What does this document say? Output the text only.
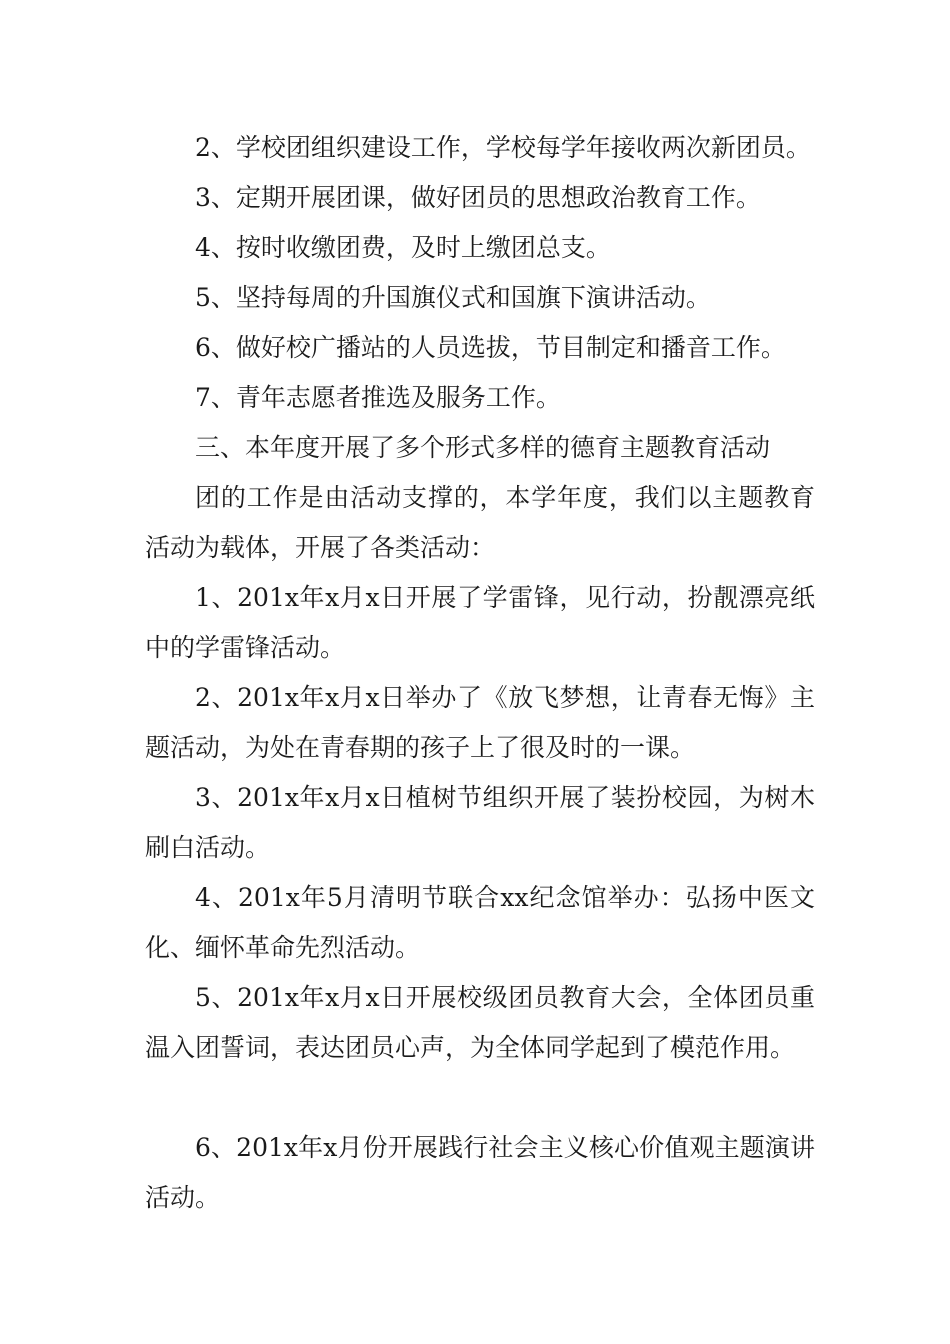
2、学校团组织建设工作，学校每学年接收两次新团员。

3、定期开展团课，做好团员的思想政治教育工作。

4、按时收缴团费，及时上缴团总支。

5、坚持每周的升国旗仪式和国旗下演讲活动。

6、做好校广播站的人员选拔，节目制定和播音工作。

7、青年志愿者推选及服务工作。

三、本年度开展了多个形式多样的德育主题教育活动

团的工作是由活动支撑的，本学年度，我们以主题教育活动为载体，开展了各类活动：

1、201x年x月x日开展了学雷锋，见行动，扮靓漂亮纸中的学雷锋活动。

2、201x年x月x日举办了《放飞梦想，让青春无悔》主题活动，为处在青春期的孩子上了很及时的一课。

3、201x年x月x日植树节组织开展了装扮校园，为树木刷白活动。

4、201x年5月清明节联合xx纪念馆举办：弘扬中医文化、缅怀革命先烈活动。

5、201x年x月x日开展校级团员教育大会，全体团员重温入团誓词，表达团员心声，为全体同学起到了模范作用。

6、201x年x月份开展践行社会主义核心价值观主题演讲活动。
